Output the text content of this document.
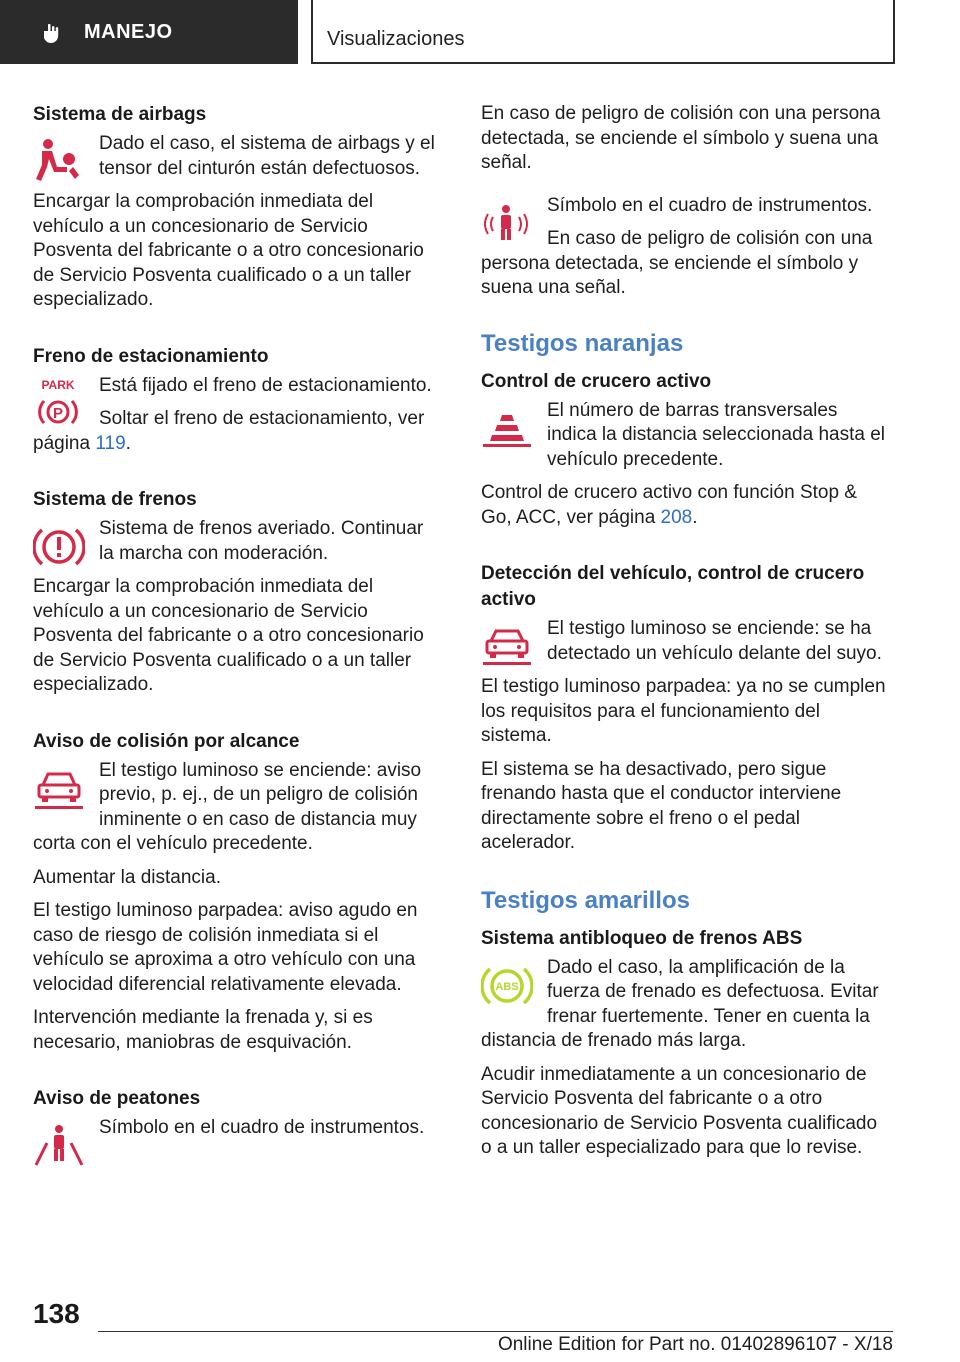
MANEJO	Visualizaciones
Sistema de airbags

Dado el caso, el sistema de airbags y el tensor del cinturón están defectuosos.

Encargar la comprobación inmediata del vehículo a un concesionario de Servicio Posventa del fabricante o a otro concesionario de Servicio Posventa cualificado o a un taller especializado.

Freno de estacionamiento
PARK
P

Está fijado el freno de estacionamiento.

Soltar el freno de estacionamiento, ver página 119.

Sistema de frenos

Sistema de frenos averiado. Continuar la marcha con moderación.

Encargar la comprobación inmediata del vehículo a un concesionario de Servicio Posventa del fabricante o a otro concesionario de Servicio Posventa cualificado o a un taller especializado.

Aviso de colisión por alcance

El testigo luminoso se enciende: aviso previo, p. ej., de un peligro de colisión inminente o en caso de distancia muy corta con el vehículo precedente.

Aumentar la distancia.

El testigo luminoso parpadea: aviso agudo en caso de riesgo de colisión inmediata si el vehículo se aproxima a otro vehículo con una velocidad diferencial relativamente elevada.

Intervención mediante la frenada y, si es necesario, maniobras de esquivación.

Aviso de peatones

Símbolo en el cuadro de instrumentos.

En caso de peligro de colisión con una persona detectada, se enciende el símbolo y suena una señal.

Símbolo en el cuadro de instrumentos.

En caso de peligro de colisión con una persona detectada, se enciende el símbolo y suena una señal.

Testigos naranjas
Control de crucero activo

El número de barras transversales indica la distancia seleccionada hasta el vehículo precedente.

Control de crucero activo con función Stop & Go, ACC, ver página 208.

Detección del vehículo, control de crucero activo

El testigo luminoso se enciende: se ha detectado un vehículo delante del suyo.

El testigo luminoso parpadea: ya no se cumplen los requisitos para el funcionamiento del sistema.

El sistema se ha desactivado, pero sigue frenando hasta que el conductor interviene directamente sobre el freno o el pedal acelerador.

Testigos amarillos
Sistema antibloqueo de frenos ABS
ABS

Dado el caso, la amplificación de la fuerza de frenado es defectuosa. Evitar frenar fuertemente. Tener en cuenta la distancia de frenado más larga.

Acudir inmediatamente a un concesionario de Servicio Posventa del fabricante o a otro concesionario de Servicio Posventa cualificado o a un taller especializado para que lo revise.

138
Online Edition for Part no. 01402896107 - X/18
